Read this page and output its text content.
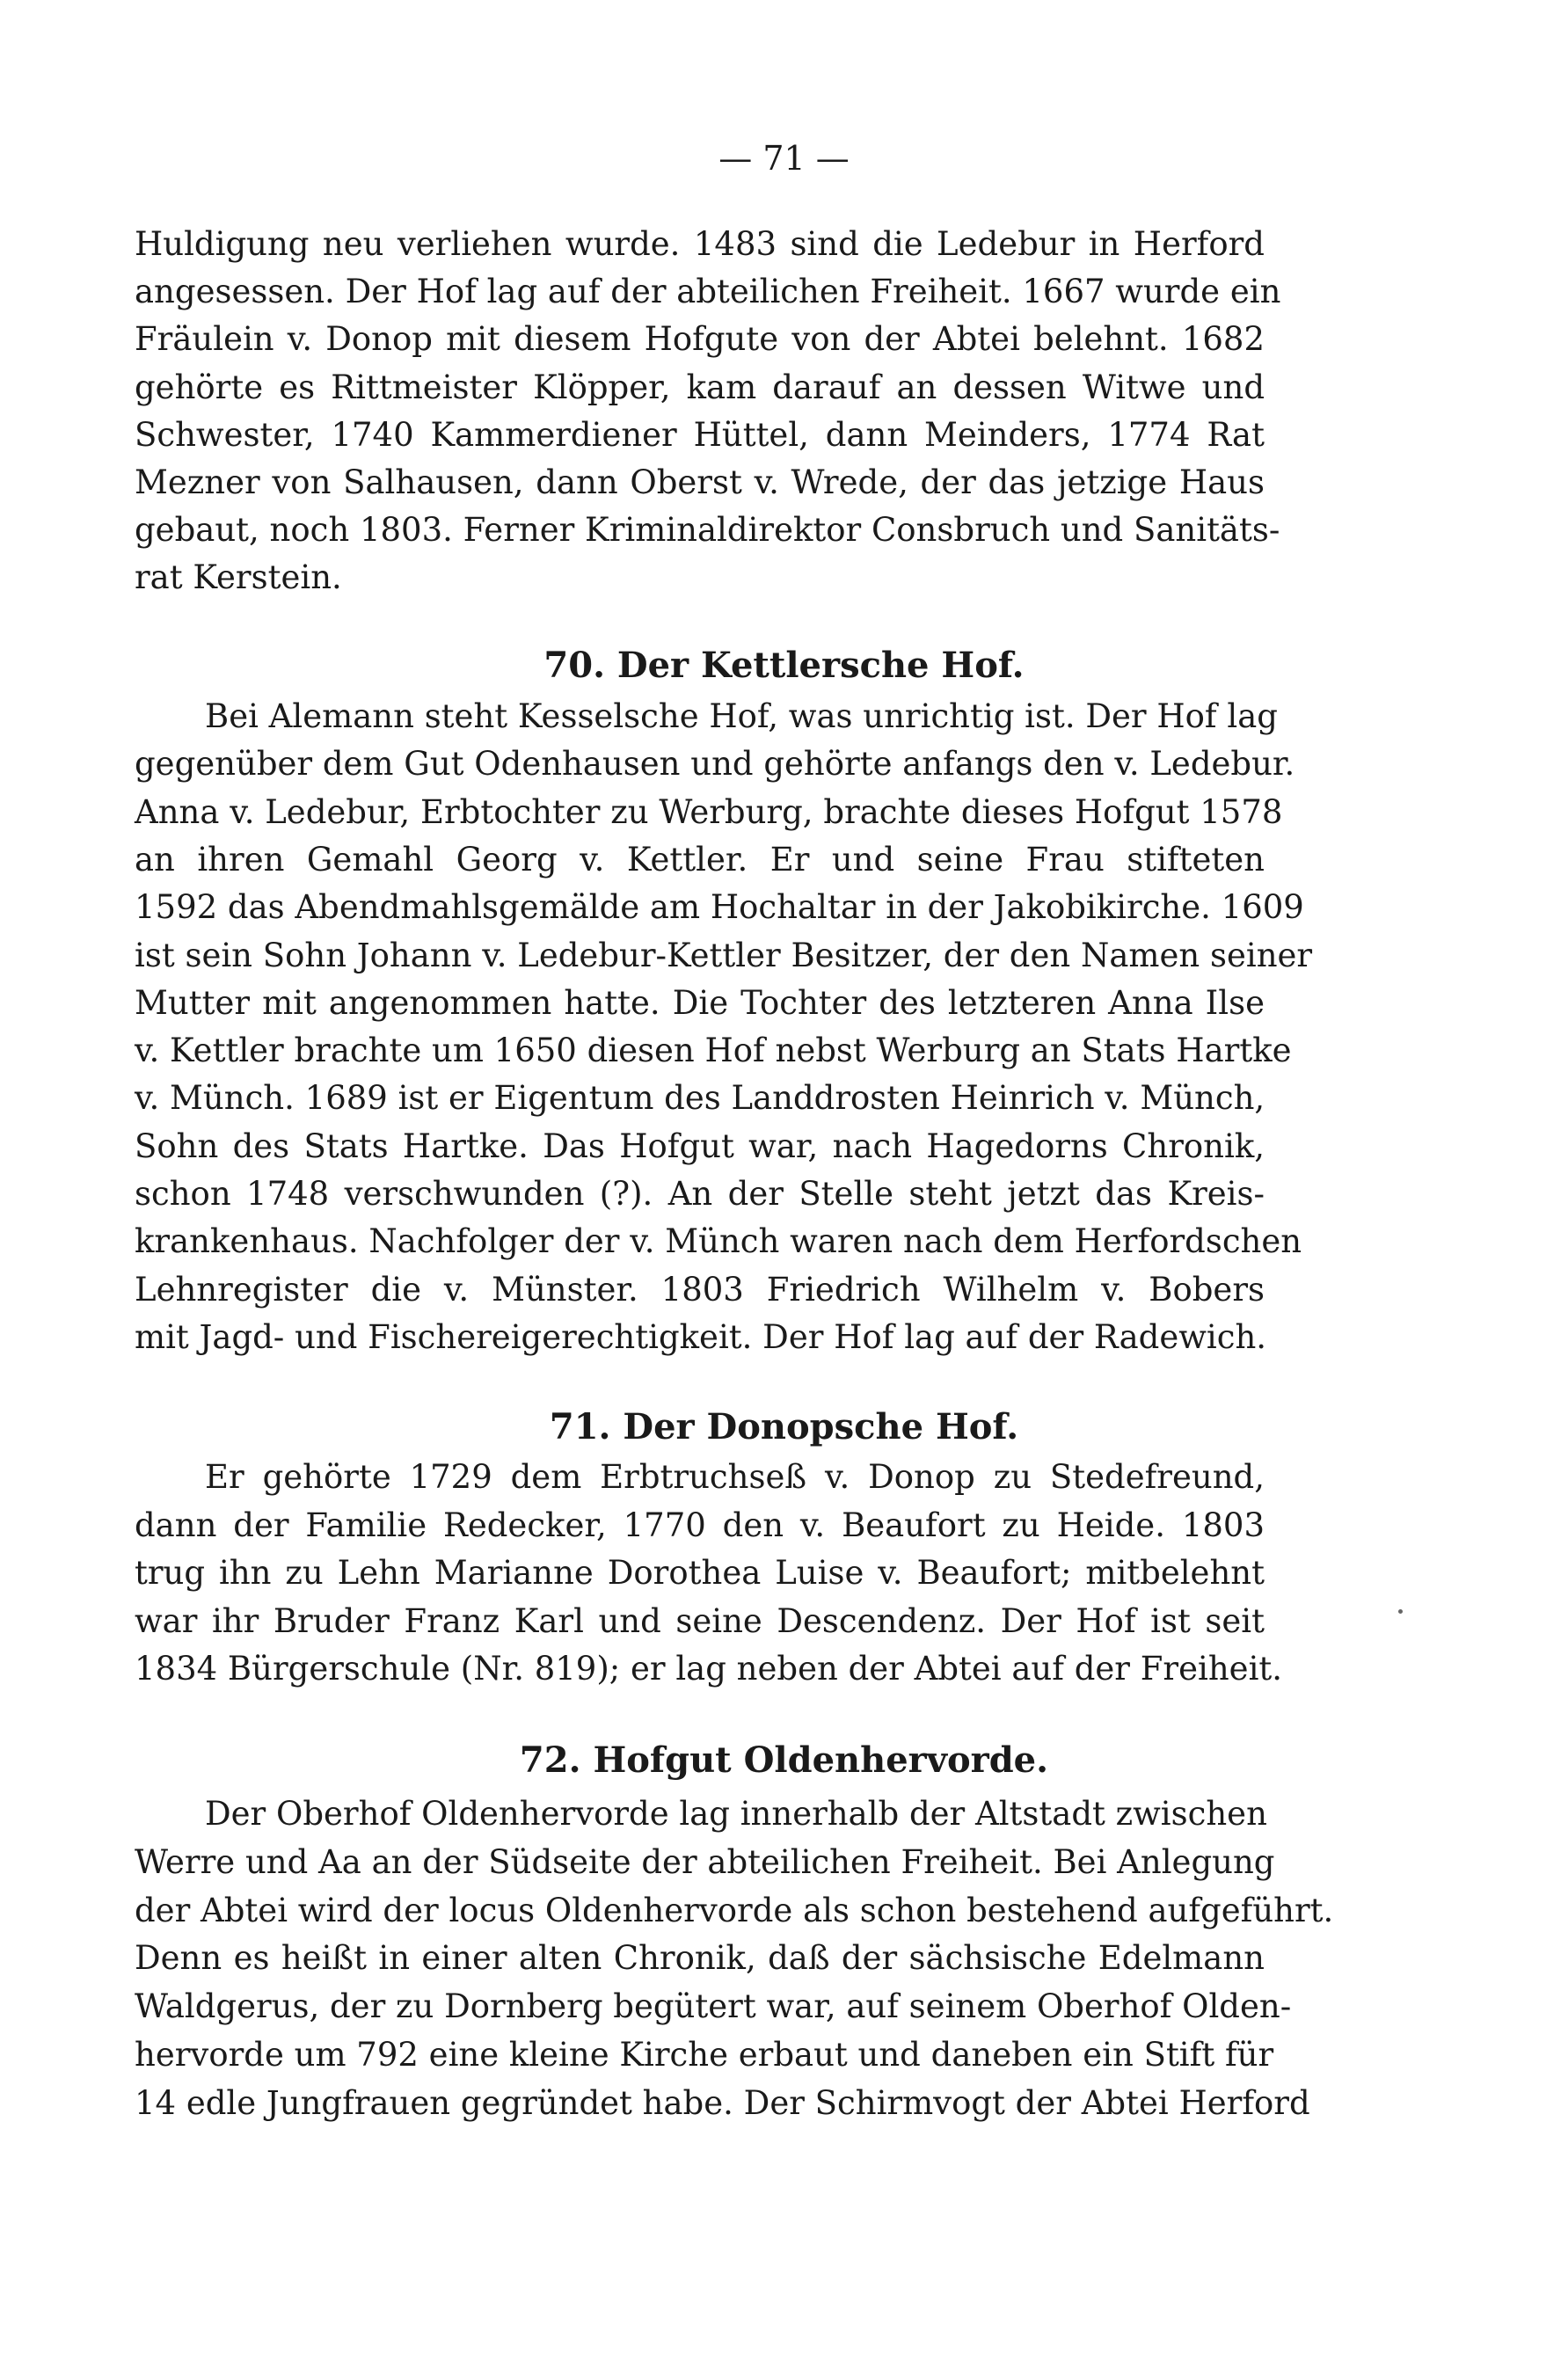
— 71 —
Huldigung neu verliehen wurde. 1483 sind die Ledebur in Herford
angesessen. Der Hof lag auf der abteilichen Freiheit. 1667 wurde ein
Fräulein v. Donop mit diesem Hofgute von der Abtei belehnt. 1682
gehörte es Rittmeister Klöpper, kam darauf an dessen Witwe und
Schwester, 1740 Kammerdiener Hüttel, dann Meinders, 1774 Rat
Mezner von Salhausen, dann Oberst v. Wrede, der das jetzige Haus
gebaut, noch 1803. Ferner Kriminaldirektor Consbruch und Sanitäts-
rat Kerstein.
70. Der Kettlersche Hof.
Bei Alemann steht Kesselsche Hof, was unrichtig ist. Der Hof lag
gegenüber dem Gut Odenhausen und gehörte anfangs den v. Ledebur.
Anna v. Ledebur, Erbtochter zu Werburg, brachte dieses Hofgut 1578
an ihren Gemahl Georg v. Kettler. Er und seine Frau stifteten
1592 das Abendmahlsgemälde am Hochaltar in der Jakobikirche. 1609
ist sein Sohn Johann v. Ledebur-Kettler Besitzer, der den Namen seiner
Mutter mit angenommen hatte. Die Tochter des letzteren Anna Ilse
v. Kettler brachte um 1650 diesen Hof nebst Werburg an Stats Hartke
v. Münch. 1689 ist er Eigentum des Landdrosten Heinrich v. Münch,
Sohn des Stats Hartke. Das Hofgut war, nach Hagedorns Chronik,
schon 1748 verschwunden (?). An der Stelle steht jetzt das Kreis-
krankenhaus. Nachfolger der v. Münch waren nach dem Herfordschen
Lehnregister die v. Münster. 1803 Friedrich Wilhelm v. Bobers
mit Jagd- und Fischereigerechtigkeit. Der Hof lag auf der Radewich.
71. Der Donopsche Hof.
Er gehörte 1729 dem Erbtruchseß v. Donop zu Stedefreund,
dann der Familie Redecker, 1770 den v. Beaufort zu Heide. 1803
trug ihn zu Lehn Marianne Dorothea Luise v. Beaufort; mitbelehnt
war ihr Bruder Franz Karl und seine Descendenz. Der Hof ist seit
1834 Bürgerschule (Nr. 819); er lag neben der Abtei auf der Freiheit.
72. Hofgut Oldenhervorde.
Der Oberhof Oldenhervorde lag innerhalb der Altstadt zwischen
Werre und Aa an der Südseite der abteilichen Freiheit. Bei Anlegung
der Abtei wird der locus Oldenhervorde als schon bestehend aufgeführt.
Denn es heißt in einer alten Chronik, daß der sächsische Edelmann
Waldgerus, der zu Dornberg begütert war, auf seinem Oberhof Olden-
hervorde um 792 eine kleine Kirche erbaut und daneben ein Stift für
14 edle Jungfrauen gegründet habe. Der Schirmvogt der Abtei Herford
